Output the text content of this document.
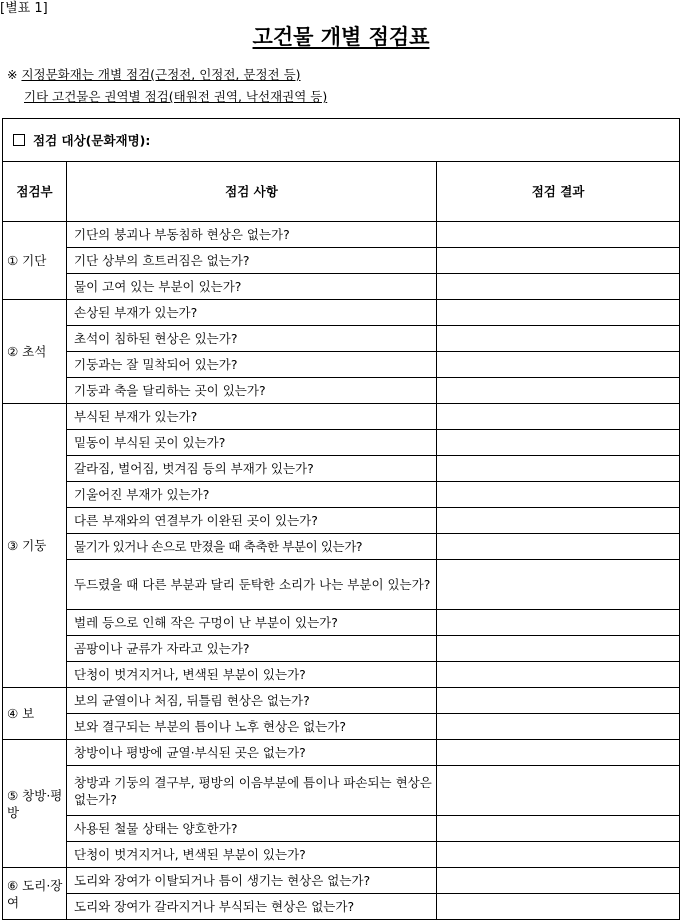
[별표 1]
고건물 개별 점검표
※ 지정문화재는 개별 점검(근정전, 인정전, 문정전 등)
기타 고건물은 권역별 점검(태원전 권역, 낙선재권역 등)
점검 대상(문화재명):		
점검부	점검 사항	점검 결과
① 기단	기단의 붕괴나 부동침하 현상은 없는가?	
	기단 상부의 흐트러짐은 없는가?	
	물이 고여 있는 부분이 있는가?	
② 초석	손상된 부재가 있는가?	
	초석이 침하된 현상은 있는가?	
	기둥과는 잘 밀착되어 있는가?	
	기둥과 축을 달리하는 곳이 있는가?	
③ 기둥	부식된 부재가 있는가?	
	밑동이 부식된 곳이 있는가?	
	갈라짐, 벌어짐, 벗겨짐 등의 부재가 있는가?	
	기울어진 부재가 있는가?	
	다른 부재와의 연결부가 이완된 곳이 있는가?	
	물기가 있거나 손으로 만졌을 때 축축한 부분이 있는가?	
	두드렸을 때 다른 부분과 달리 둔탁한 소리가 나는 부분이 있는가?	
	벌레 등으로 인해 작은 구멍이 난 부분이 있는가?	
	곰팡이나 균류가 자라고 있는가?	
	단청이 벗겨지거나, 변색된 부분이 있는가?	
④ 보	보의 균열이나 처짐, 뒤틀림 현상은 없는가?	
	보와 결구되는 부분의 틈이나 노후 현상은 없는가?	
⑤ 창방·평방	창방이나 평방에 균열·부식된 곳은 없는가?	
	창방과 기둥의 결구부, 평방의 이음부분에 틈이나 파손되는 현상은 없는가?	
	사용된 철물 상태는 양호한가?	
	단청이 벗겨지거나, 변색된 부분이 있는가?	
⑥ 도리·장여	도리와 장여가 이탈되거나 틈이 생기는 현상은 없는가?	
	도리와 장여가 갈라지거나 부식되는 현상은 없는가?	
